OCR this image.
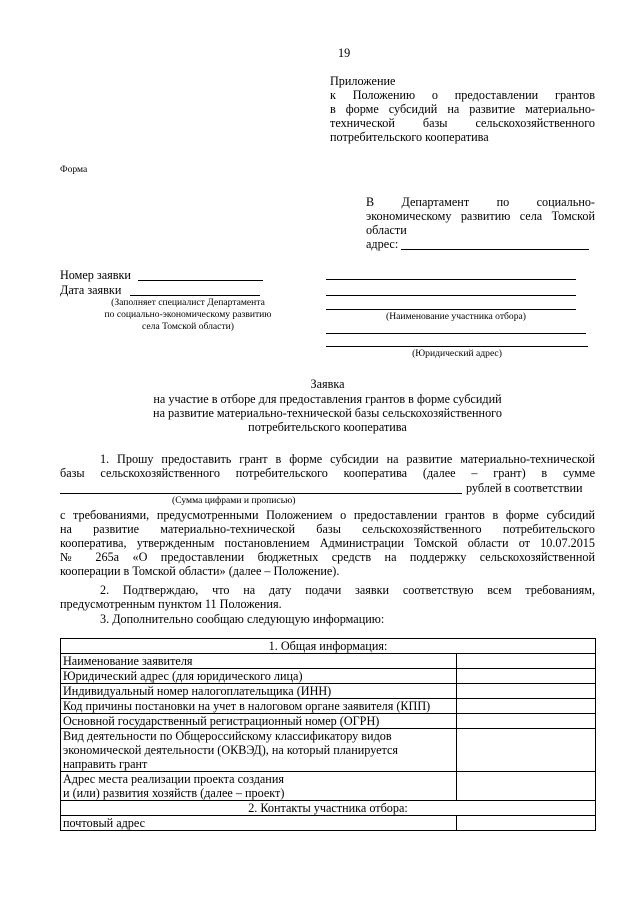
19
Приложение
к Положению о предоставлении грантов
в форме субсидий на развитие материально-
технической базы сельскохозяйственного
потребительского кооператива
Форма
В Департамент по социально-
экономическому развитию села Томской
области
адрес:
Номер заявки
Дата заявки
(Заполняет специалист Департамента
по социально-экономическому развитию
села Томской области)
(Наименование участника отбора)
(Юридический адрес)
Заявка
на участие в отборе для предоставления грантов в форме субсидий
на развитие материально-технической базы сельскохозяйственного
потребительского кооператива
1. Прошу предоставить грант в форме субсидии на развитие материально-технической
базы сельскохозяйственного потребительского кооператива (далее – грант) в сумме
рублей в соответствии
(Сумма цифрами и прописью)
с требованиями, предусмотренными Положением о предоставлении грантов в форме субсидий
на развитие материально-технической базы сельскохозяйственного потребительского
кооператива, утвержденным постановлением Администрации Томской области от 10.07.2015
№ 265а «О предоставлении бюджетных средств на поддержку сельскохозяйственной
кооперации в Томской области» (далее – Положение).
2. Подтверждаю, что на дату подачи заявки соответствую всем требованиям,
предусмотренным пунктом 11 Положения.
3. Дополнительно сообщаю следующую информацию:
1. Общая информация:	

Наименование заявителя	

Юридический адрес (для юридического лица)	

Индивидуальный номер налогоплательщика (ИНН)	

Код причины постановки на учет в налоговом органе заявителя (КПП)	

Основной государственный регистрационный номер (ОГРН)	

Вид деятельности по Общероссийскому классификатору видов
экономической деятельности (ОКВЭД), на который планируется
направить грант	

Адрес места реализации проекта создания
и (или) развития хозяйств (далее – проект)	

2. Контакты участника отбора:	

почтовый адрес	
